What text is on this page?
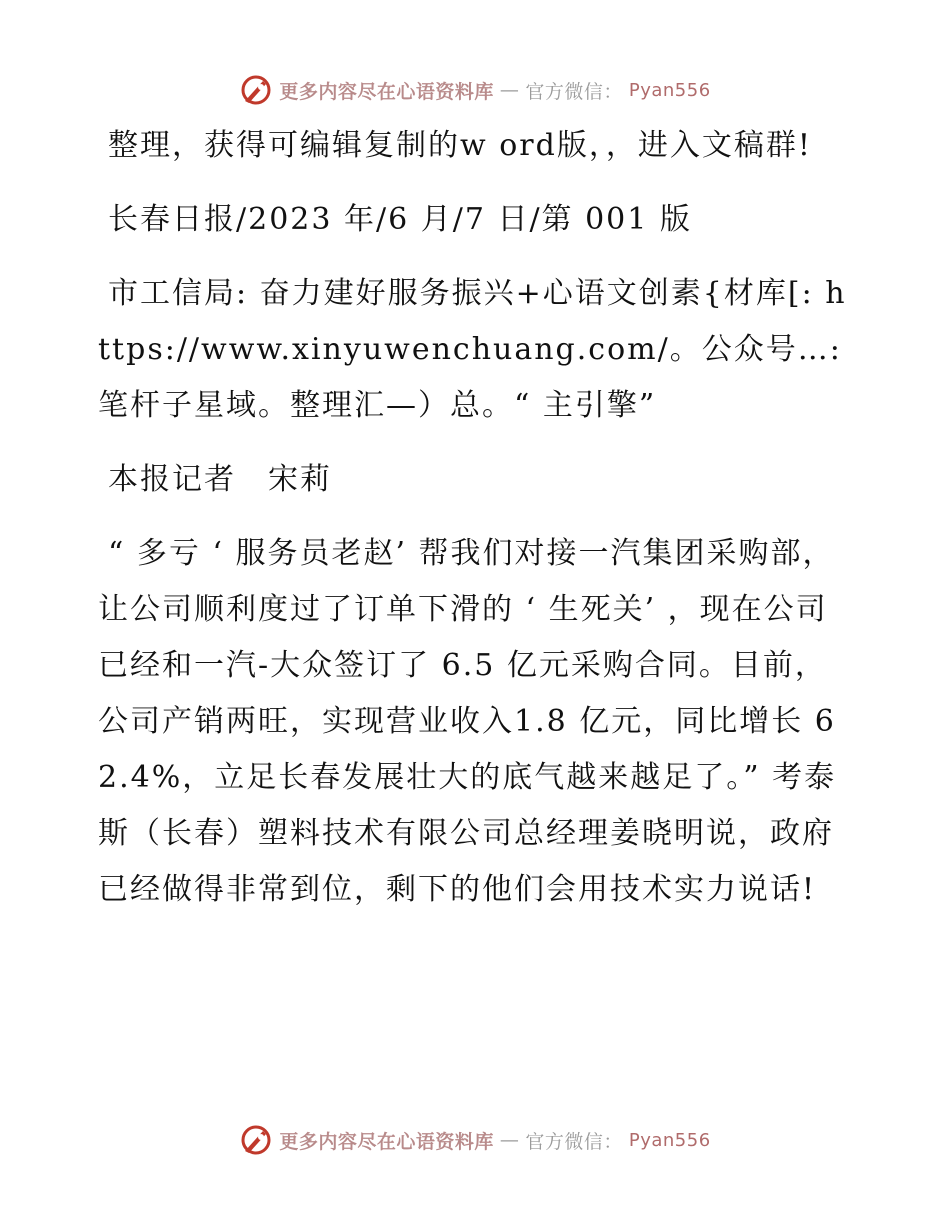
更多内容尽在心语资料库 — 官方微信： Pyan556

整理，获得可编辑复制的w ord版，，进入文稿群!

长春日报/2023 年/6 月/7 日/第 001 版

市工信局: 奋力建好服务振兴+心语文创素{材库[: https://www.xinyuwenchuang.com/。公众号…: 笔杆子星域。整理汇—）总。“ 主引擎”

本报记者　宋莉

“ 多亏 ‘ 服务员老赵’ 帮我们对接一汽集团采购部， 让公司顺利度过了订单下滑的 ‘ 生死关’ ，现在公司已经和一汽-大众签订了 6.5 亿元采购合同。目前，公司产销两旺，实现营业收入1.8 亿元，同比增长 62.4%，立足长春发展壮大的底气越来越足了。” 考泰斯（长春）塑料技术有限公司总经理姜晓明说，政府已经做得非常到位，剩下的他们会用技术实力说话!

更多内容尽在心语资料库 — 官方微信： Pyan556
